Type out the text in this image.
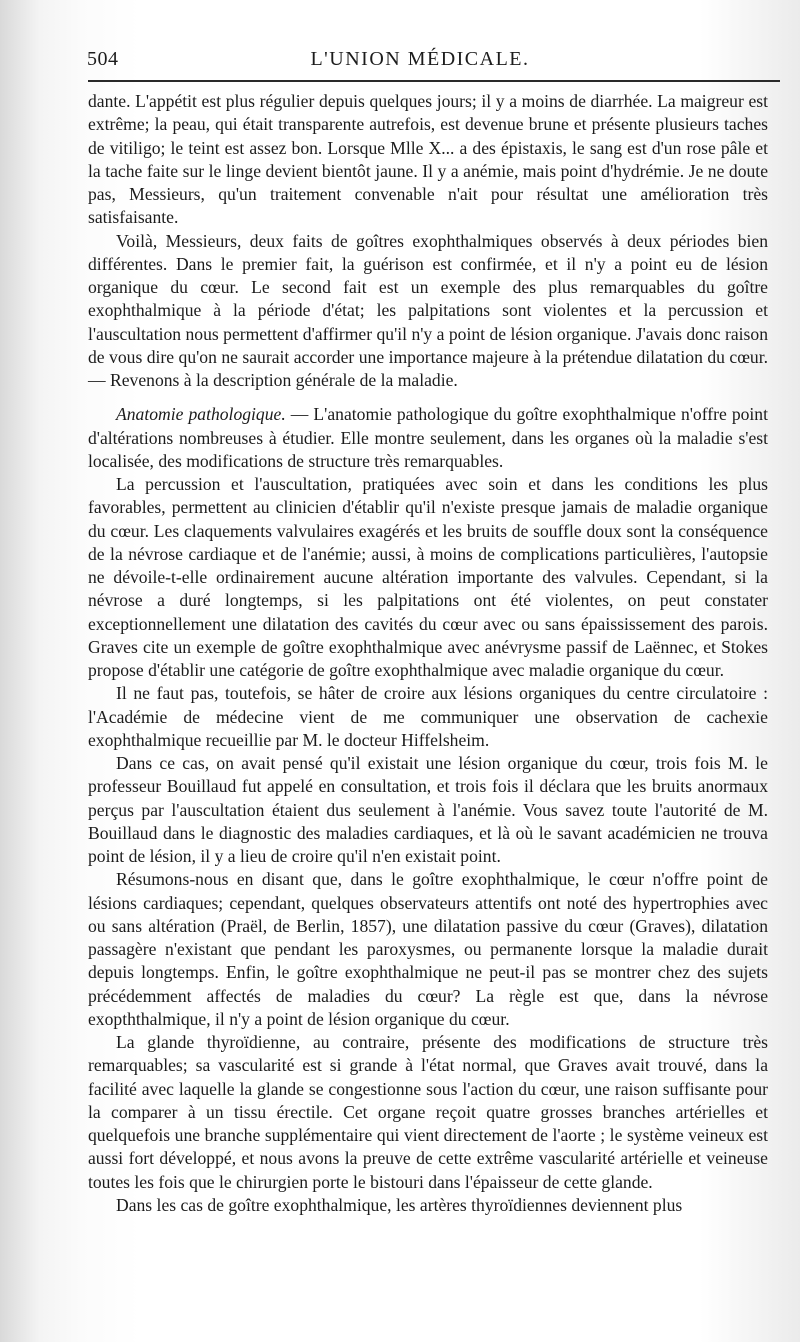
504	L'UNION MÉDICALE.

dante. L'appétit est plus régulier depuis quelques jours; il y a moins de diarrhée. La maigreur est extrême; la peau, qui était transparente autrefois, est devenue brune et présente plusieurs taches de vitiligo; le teint est assez bon. Lorsque Mlle X... a des épistaxis, le sang est d'un rose pâle et la tache faite sur le linge devient bientôt jaune. Il y a anémie, mais point d'hydrémie. Je ne doute pas, Messieurs, qu'un traitement convenable n'ait pour résultat une amélioration très satisfaisante.

Voilà, Messieurs, deux faits de goîtres exophthalmiques observés à deux périodes bien différentes. Dans le premier fait, la guérison est confirmée, et il n'y a point eu de lésion organique du cœur. Le second fait est un exemple des plus remarquables du goître exophthalmique à la période d'état; les palpitations sont violentes et la percussion et l'auscultation nous permettent d'affirmer qu'il n'y a point de lésion organique. J'avais donc raison de vous dire qu'on ne saurait accorder une importance majeure à la prétendue dilatation du cœur. — Revenons à la description générale de la maladie.

Anatomie pathologique. — L'anatomie pathologique du goître exophthalmique n'offre point d'altérations nombreuses à étudier. Elle montre seulement, dans les organes où la maladie s'est localisée, des modifications de structure très remarquables.

La percussion et l'auscultation, pratiquées avec soin et dans les conditions les plus favorables, permettent au clinicien d'établir qu'il n'existe presque jamais de maladie organique du cœur. Les claquements valvulaires exagérés et les bruits de souffle doux sont la conséquence de la névrose cardiaque et de l'anémie; aussi, à moins de complications particulières, l'autopsie ne dévoile-t-elle ordinairement aucune altération importante des valvules. Cependant, si la névrose a duré longtemps, si les palpitations ont été violentes, on peut constater exceptionnellement une dilatation des cavités du cœur avec ou sans épaississement des parois. Graves cite un exemple de goître exophthalmique avec anévrysme passif de Laënnec, et Stokes propose d'établir une catégorie de goître exophthalmique avec maladie organique du cœur.

Il ne faut pas, toutefois, se hâter de croire aux lésions organiques du centre circulatoire : l'Académie de médecine vient de me communiquer une observation de cachexie exophthalmique recueillie par M. le docteur Hiffelsheim.

Dans ce cas, on avait pensé qu'il existait une lésion organique du cœur, trois fois M. le professeur Bouillaud fut appelé en consultation, et trois fois il déclara que les bruits anormaux perçus par l'auscultation étaient dus seulement à l'anémie. Vous savez toute l'autorité de M. Bouillaud dans le diagnostic des maladies cardiaques, et là où le savant académicien ne trouva point de lésion, il y a lieu de croire qu'il n'en existait point.

Résumons-nous en disant que, dans le goître exophthalmique, le cœur n'offre point de lésions cardiaques; cependant, quelques observateurs attentifs ont noté des hypertrophies avec ou sans altération (Praël, de Berlin, 1857), une dilatation passive du cœur (Graves), dilatation passagère n'existant que pendant les paroxysmes, ou permanente lorsque la maladie durait depuis longtemps. Enfin, le goître exophthalmique ne peut-il pas se montrer chez des sujets précédemment affectés de maladies du cœur? La règle est que, dans la névrose exopththalmique, il n'y a point de lésion organique du cœur.

La glande thyroïdienne, au contraire, présente des modifications de structure très remarquables; sa vascularité est si grande à l'état normal, que Graves avait trouvé, dans la facilité avec laquelle la glande se congestionne sous l'action du cœur, une raison suffisante pour la comparer à un tissu érectile. Cet organe reçoit quatre grosses branches artérielles et quelquefois une branche supplémentaire qui vient directement de l'aorte ; le système veineux est aussi fort développé, et nous avons la preuve de cette extrême vascularité artérielle et veineuse toutes les fois que le chirurgien porte le bistouri dans l'épaisseur de cette glande.

Dans les cas de goître exophthalmique, les artères thyroïdiennes deviennent plus
